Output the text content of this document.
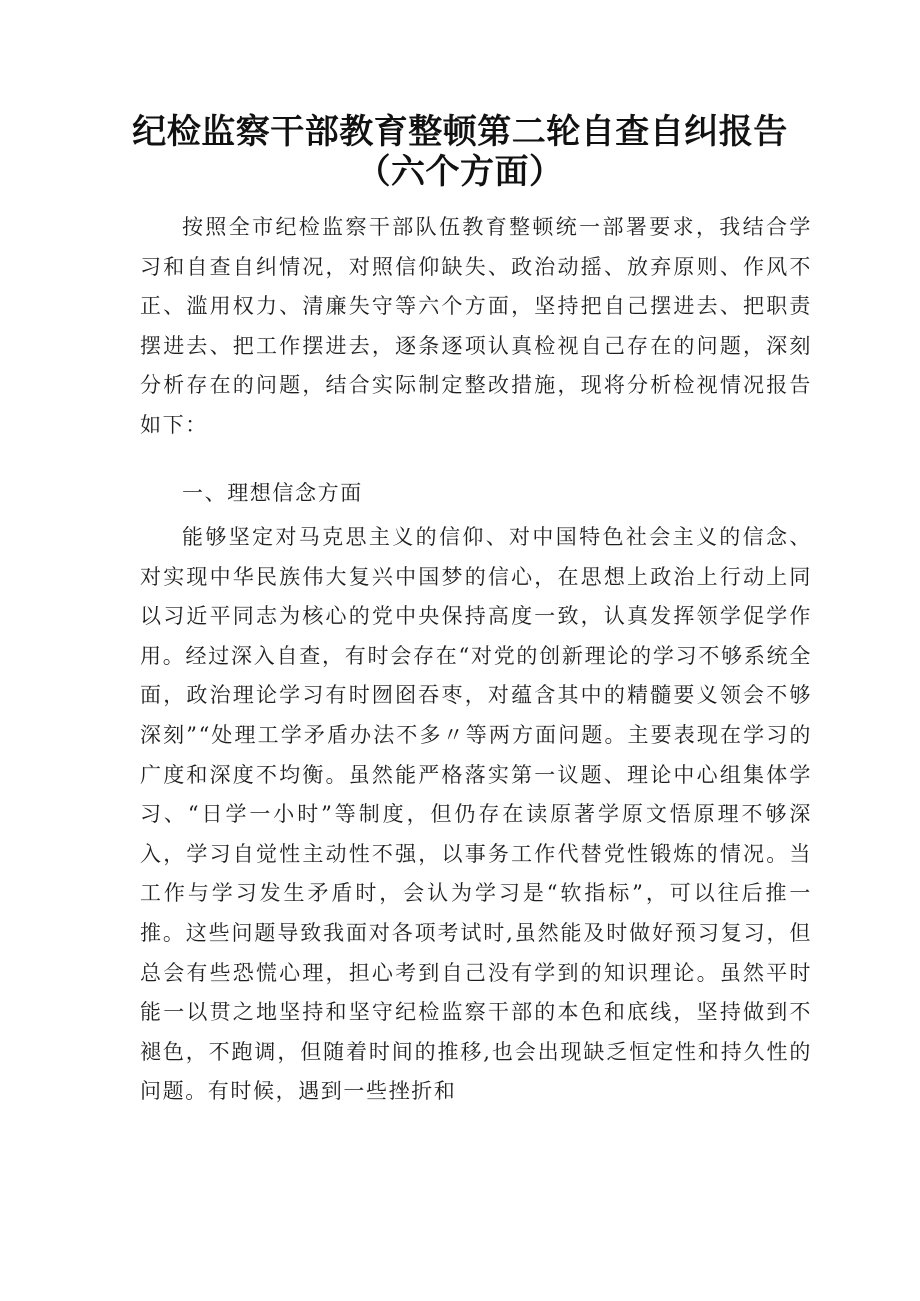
纪检监察干部教育整顿第二轮自查自纠报告
（六个方面）

按照全市纪检监察干部队伍教育整顿统一部署要求，我结合学习和自查自纠情况，对照信仰缺失、政治动摇、放弃原则、作风不正、滥用权力、清廉失守等六个方面，坚持把自己摆进去、把职责摆进去、把工作摆进去，逐条逐项认真检视自己存在的问题，深刻分析存在的问题，结合实际制定整改措施，现将分析检视情况报告如下：

一、理想信念方面

能够坚定对马克思主义的信仰、对中国特色社会主义的信念、对实现中华民族伟大复兴中国梦的信心，在思想上政治上行动上同以习近平同志为核心的党中央保持高度一致，认真发挥领学促学作用。经过深入自查，有时会存在“对党的创新理论的学习不够系统全面，政治理论学习有时囫囵吞枣，对蕴含其中的精髓要义领会不够深刻”“处理工学矛盾办法不多〃等两方面问题。主要表现在学习的广度和深度不均衡。虽然能严格落实第一议题、理论中心组集体学习、“日学一小时”等制度，但仍存在读原著学原文悟原理不够深入，学习自觉性主动性不强，以事务工作代替党性锻炼的情况。当工作与学习发生矛盾时，会认为学习是“软指标”，可以往后推一推。这些问题导致我面对各项考试时,虽然能及时做好预习复习，但总会有些恐慌心理，担心考到自己没有学到的知识理论。虽然平时能一以贯之地坚持和坚守纪检监察干部的本色和底线，坚持做到不褪色，不跑调，但随着时间的推移,也会出现缺乏恒定性和持久性的问题。有时候，遇到一些挫折和
